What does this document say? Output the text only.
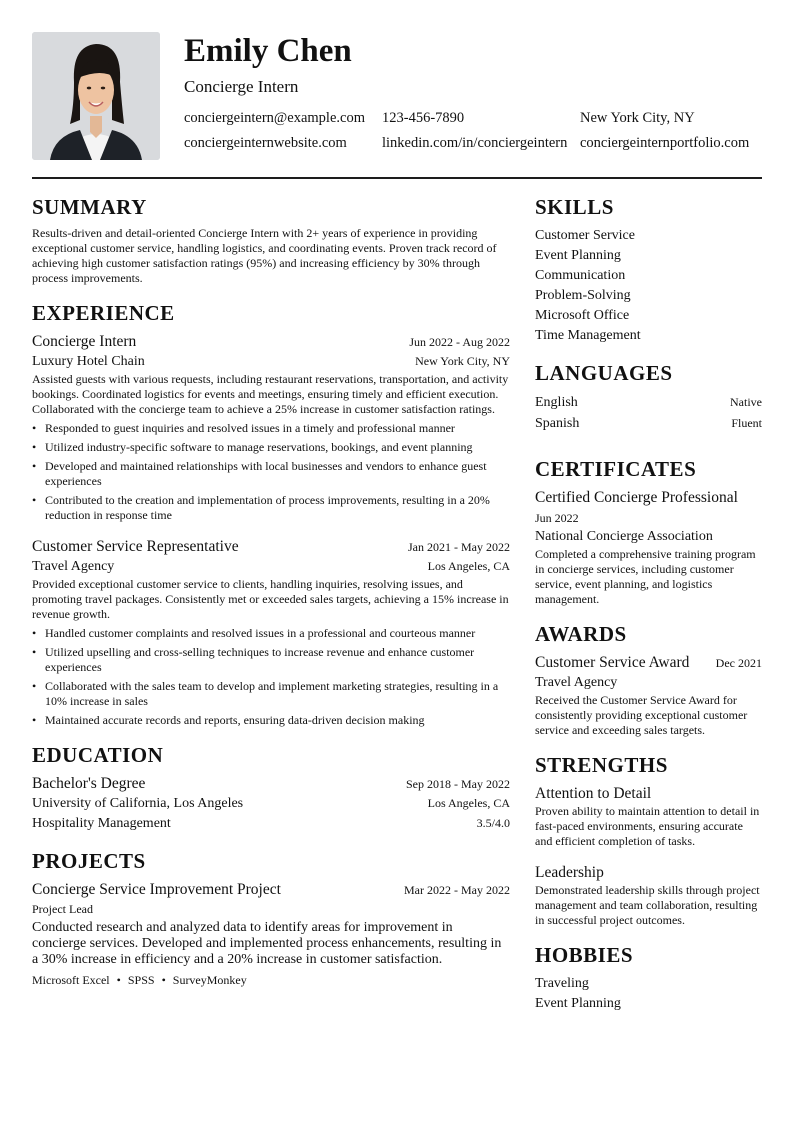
Emily Chen
Concierge Intern
conciergeintern@example.com	123-456-7890	New York City, NY
conciergeinternwebsite.com	linkedin.com/in/conciergeintern conciergeinternportfolio.com
SUMMARY
Results-driven and detail-oriented Concierge Intern with 2+ years of experience in providing exceptional customer service, handling logistics, and coordinating events. Proven track record of achieving high customer satisfaction ratings (95%) and increasing efficiency by 30% through process improvements.
EXPERIENCE
Concierge Intern	Jun 2022 - Aug 2022
Luxury Hotel Chain	New York City, NY
Assisted guests with various requests, including restaurant reservations, transportation, and activity bookings. Coordinated logistics for events and meetings, ensuring timely and efficient execution. Collaborated with the concierge team to achieve a 25% increase in customer satisfaction ratings.
• Responded to guest inquiries and resolved issues in a timely and professional manner
• Utilized industry-specific software to manage reservations, bookings, and event planning
• Developed and maintained relationships with local businesses and vendors to enhance guest experiences
• Contributed to the creation and implementation of process improvements, resulting in a 20% reduction in response time
Customer Service Representative	Jan 2021 - May 2022
Travel Agency	Los Angeles, CA
Provided exceptional customer service to clients, handling inquiries, resolving issues, and promoting travel packages. Consistently met or exceeded sales targets, achieving a 15% increase in revenue growth.
• Handled customer complaints and resolved issues in a professional and courteous manner
• Utilized upselling and cross-selling techniques to increase revenue and enhance customer experiences
• Collaborated with the sales team to develop and implement marketing strategies, resulting in a 10% increase in sales
• Maintained accurate records and reports, ensuring data-driven decision making
EDUCATION
Bachelor's Degree	Sep 2018 - May 2022
University of California, Los Angeles	Los Angeles, CA
Hospitality Management	3.5/4.0
PROJECTS
Concierge Service Improvement Project	Mar 2022 - May 2022
Project Lead
Conducted research and analyzed data to identify areas for improvement in concierge services. Developed and implemented process enhancements, resulting in a 30% increase in efficiency and a 20% increase in customer satisfaction.
Microsoft Excel • SPSS • SurveyMonkey
SKILLS
Customer Service
Event Planning
Communication
Problem-Solving
Microsoft Office
Time Management
LANGUAGES
English	Native
Spanish	Fluent
CERTIFICATES
Certified Concierge Professional
Jun 2022
National Concierge Association
Completed a comprehensive training program in concierge services, including customer service, event planning, and logistics management.
AWARDS
Customer Service Award Dec 2021
Travel Agency
Received the Customer Service Award for consistently providing exceptional customer service and exceeding sales targets.
STRENGTHS
Attention to Detail
Proven ability to maintain attention to detail in fast-paced environments, ensuring accurate and efficient completion of tasks.
Leadership
Demonstrated leadership skills through project management and team collaboration, resulting in successful project outcomes.
HOBBIES
Traveling
Event Planning
